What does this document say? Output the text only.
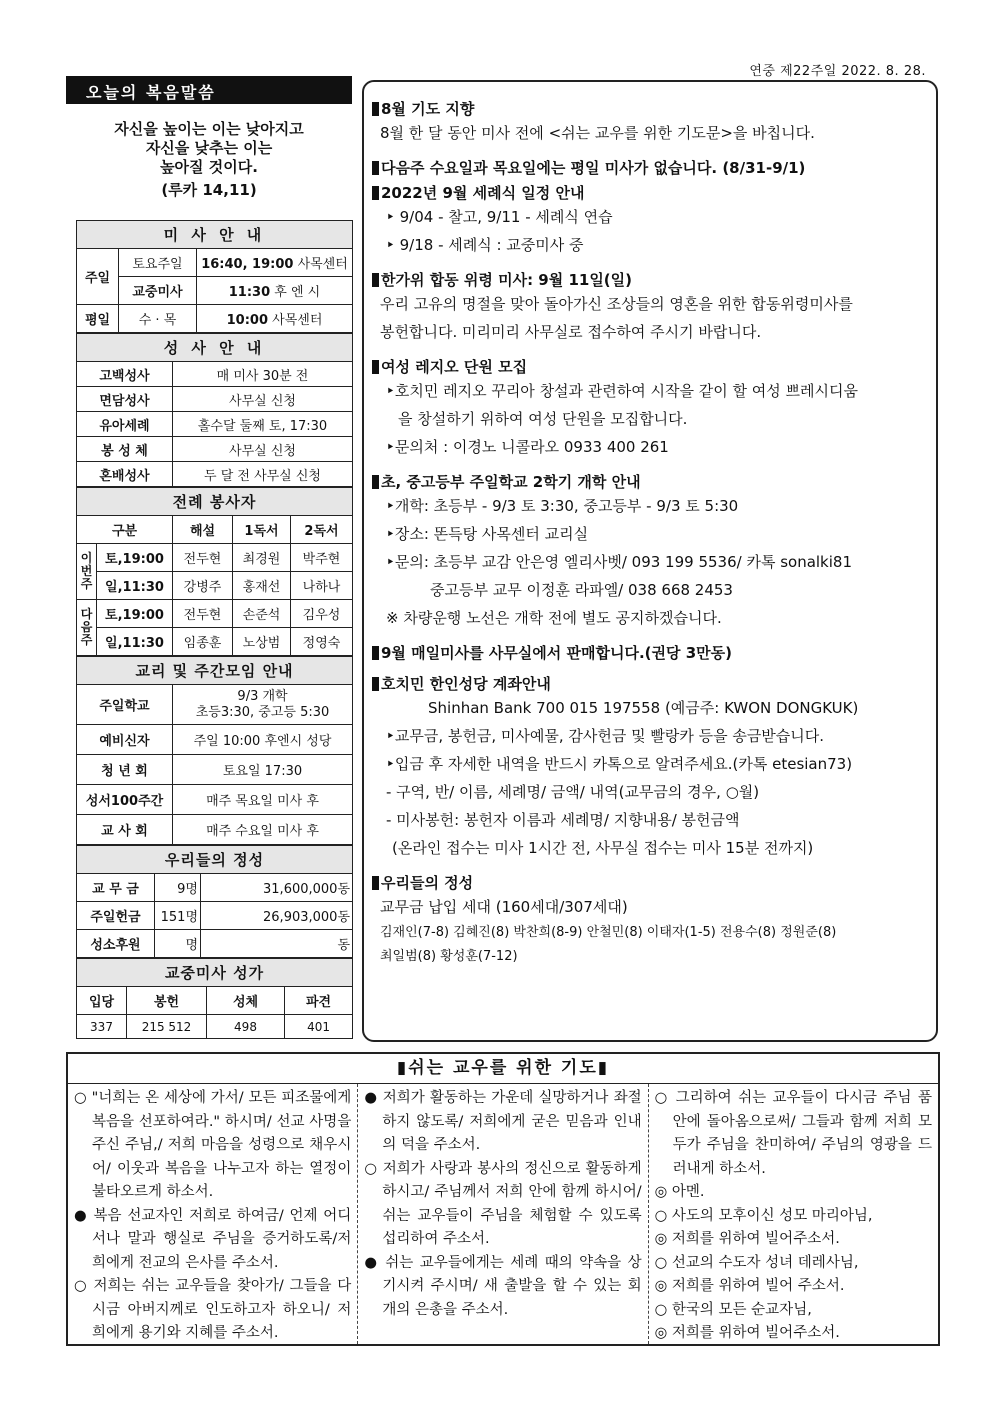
연중 제22주일 2022. 8. 28.
오늘의 복음말씀
자신을 높이는 이는 낮아지고
자신을 낮추는 이는
높아질 것이다.
(루카 14,11)
미 사 안 내		
주일	토요주일	16:40, 19:00 사목센터
	교중미사	11:30 후 엔 시
평일	수 · 목	10:00 사목센터
성 사 안 내	
고백성사	매 미사 30분 전
면담성사	사무실 신청
유아세례	홀수달 둘째 토, 17:30
봉 성 체	사무실 신청
혼배성사	두 달 전 사무실 신청
전례 봉사자				
구분		해설	1독서	2독서
이번주	토,19:00	전두현	최경원	박주현
	일,11:30	강병주	홍재선	나하나
다음주	토,19:00	전두현	손준석	김우성
	일,11:30	임종훈	노상범	정영숙
교리 및 주간모임 안내	
주일학교	9/3 개학
초등3:30, 중고등 5:30

예비신자	주일 10:00 후엔시 성당
청 년 회	토요일 17:30
성서100주간	매주 목요일 미사 후
교 사 회	매주 수요일 미사 후
우리들의 정성		
교 무 금	9명	31,600,000동
주일헌금	151명	26,903,000동
성소후원	명	동
교중미사 성가			
입당	봉헌	성체	파견
337	215 512	498	401
8월 기도 지향
8월 한 달 동안 미사 전에 <쉬는 교우를 위한 기도문>을 바칩니다.
다음주 수요일과 목요일에는 평일 미사가 없습니다. (8/31-9/1)
2022년 9월 세례식 일정 안내
‣ 9/04 - 찰고, 9/11 - 세례식 연습
‣ 9/18 - 세례식 : 교중미사 중
한가위 합동 위령 미사: 9월 11일(일)
우리 고유의 명절을 맞아 돌아가신 조상들의 영혼을 위한 합동위령미사를
봉헌합니다. 미리미리 사무실로 접수하여 주시기 바랍니다.
여성 레지오 단원 모집
‣호치민 레지오 꾸리아 창설과 관련하여 시작을 같이 할 여성 쁘레시디움
을 창설하기 위하여 여성 단원을 모집합니다.
‣문의처 : 이경노 니콜라오 0933 400 261
초, 중고등부 주일학교 2학기 개학 안내
‣개학: 초등부 - 9/3 토 3:30, 중고등부 - 9/3 토 5:30
‣장소: 똔득탕 사목센터 교리실
‣문의: 초등부 교감 안은영 엘리사벳/ 093 199 5536/ 카톡 sonalki81
중고등부 교무 이정훈 라파엘/ 038 668 2453
※ 차량운행 노선은 개학 전에 별도 공지하겠습니다.
9월 매일미사를 사무실에서 판매합니다.(권당 3만동)
호치민 한인성당 계좌안내
Shinhan Bank 700 015 197558 (예금주: KWON DONGKUK)
‣교무금, 봉헌금, 미사예물, 감사헌금 및 빨랑카 등을 송금받습니다.
‣입금 후 자세한 내역을 반드시 카톡으로 알려주세요.(카톡 etesian73)
- 구역, 반/ 이름, 세례명/ 금액/ 내역(교무금의 경우, ○월)
- 미사봉헌: 봉헌자 이름과 세례명/ 지향내용/ 봉헌금액
(온라인 접수는 미사 1시간 전, 사무실 접수는 미사 15분 전까지)
우리들의 정성
교무금 납입 세대 (160세대/307세대)
김재인(7-8) 김혜진(8) 박찬희(8-9) 안철민(8) 이태자(1-5) 전용수(8) 정원준(8)
최일범(8) 황성훈(7-12)
▮쉬는 교우를 위한 기도▮
○ "너희는 온 세상에 가서/ 모든 피조물에게 복음을 선포하여라." 하시며/ 선교 사명을 주신 주님,/ 저희 마음을 성령으로 채우시어/ 이웃과 복음을 나누고자 하는 열정이 불타오르게 하소서.
● 복음 선교자인 저희로 하여금/ 언제 어디서나 말과 행실로 주님을 증거하도록/저희에게 전교의 은사를 주소서.
○ 저희는 쉬는 교우들을 찾아가/ 그들을 다시금 아버지께로 인도하고자 하오니/ 저희에게 용기와 지혜를 주소서.
● 저희가 활동하는 가운데 실망하거나 좌절하지 않도록/ 저희에게 굳은 믿음과 인내의 덕을 주소서.
○ 저희가 사랑과 봉사의 정신으로 활동하게 하시고/ 주님께서 저희 안에 함께 하시어/ 쉬는 교우들이 주님을 체험할 수 있도록 섭리하여 주소서.
● 쉬는 교우들에게는 세례 때의 약속을 상기시켜 주시며/ 새 출발을 할 수 있는 회개의 은총을 주소서.
○ 그리하여 쉬는 교우들이 다시금 주님 품 안에 돌아옴으로써/ 그들과 함께 저희 모두가 주님을 찬미하여/ 주님의 영광을 드러내게 하소서.
◎ 아멘.
○ 사도의 모후이신 성모 마리아님,
◎ 저희를 위하여 빌어주소서.
○ 선교의 수도자 성녀 데레사님,
◎ 저희를 위하여 빌어 주소서.
○ 한국의 모든 순교자님,
◎ 저희를 위하여 빌어주소서.
